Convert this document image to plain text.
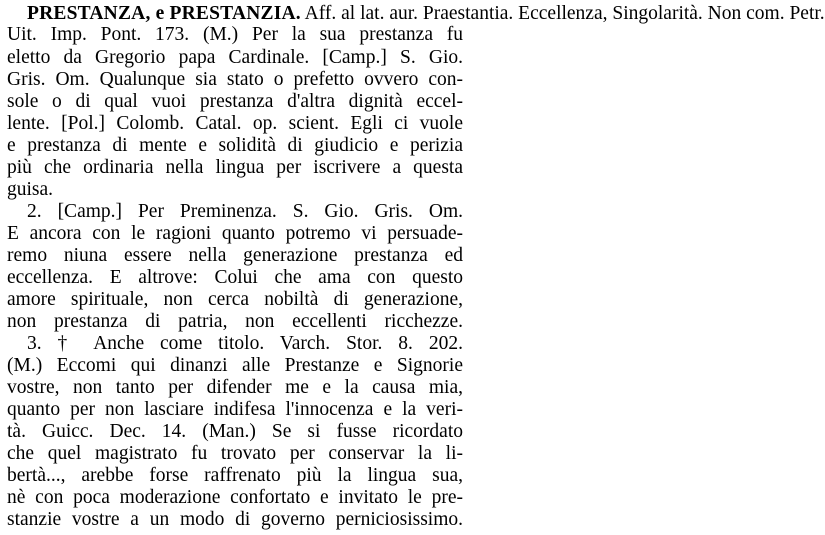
PRESTANZA, e PRESTANZIA. Aff. al lat. aur. Praestantia. Eccellenza, Singolarità. Non com. Petr.
Uit. Imp. Pont. 173. (M.) Per la sua prestanza fu
eletto da Gregorio papa Cardinale. [Camp.] S. Gio.
Gris. Om. Qualunque sia stato o prefetto ovvero con-
sole o di qual vuoi prestanza d'altra dignità eccel-
lente. [Pol.] Colomb. Catal. op. scient. Egli ci vuole
e prestanza di mente e solidità di giudicio e perizia
più che ordinaria nella lingua per iscrivere a questa
guisa.
2. [Camp.] Per Preminenza. S. Gio. Gris. Om.
E ancora con le ragioni quanto potremo vi persuade-
remo niuna essere nella generazione prestanza ed
eccellenza. E altrove: Colui che ama con questo
amore spirituale, non cerca nobiltà di generazione,
non prestanza di patria, non eccellenti ricchezze.
3. † Anche come titolo. Varch. Stor. 8. 202.
(M.) Eccomi qui dinanzi alle Prestanze e Signorie
vostre, non tanto per difender me e la causa mia,
quanto per non lasciare indifesa l'innocenza e la veri-
tà. Guicc. Dec. 14. (Man.) Se si fusse ricordato
che quel magistrato fu trovato per conservar la li-
bertà..., arebbe forse raffrenato più la lingua sua,
nè con poca moderazione confortato e invitato le pre-
stanzie vostre a un modo di governo perniciosissimo.
